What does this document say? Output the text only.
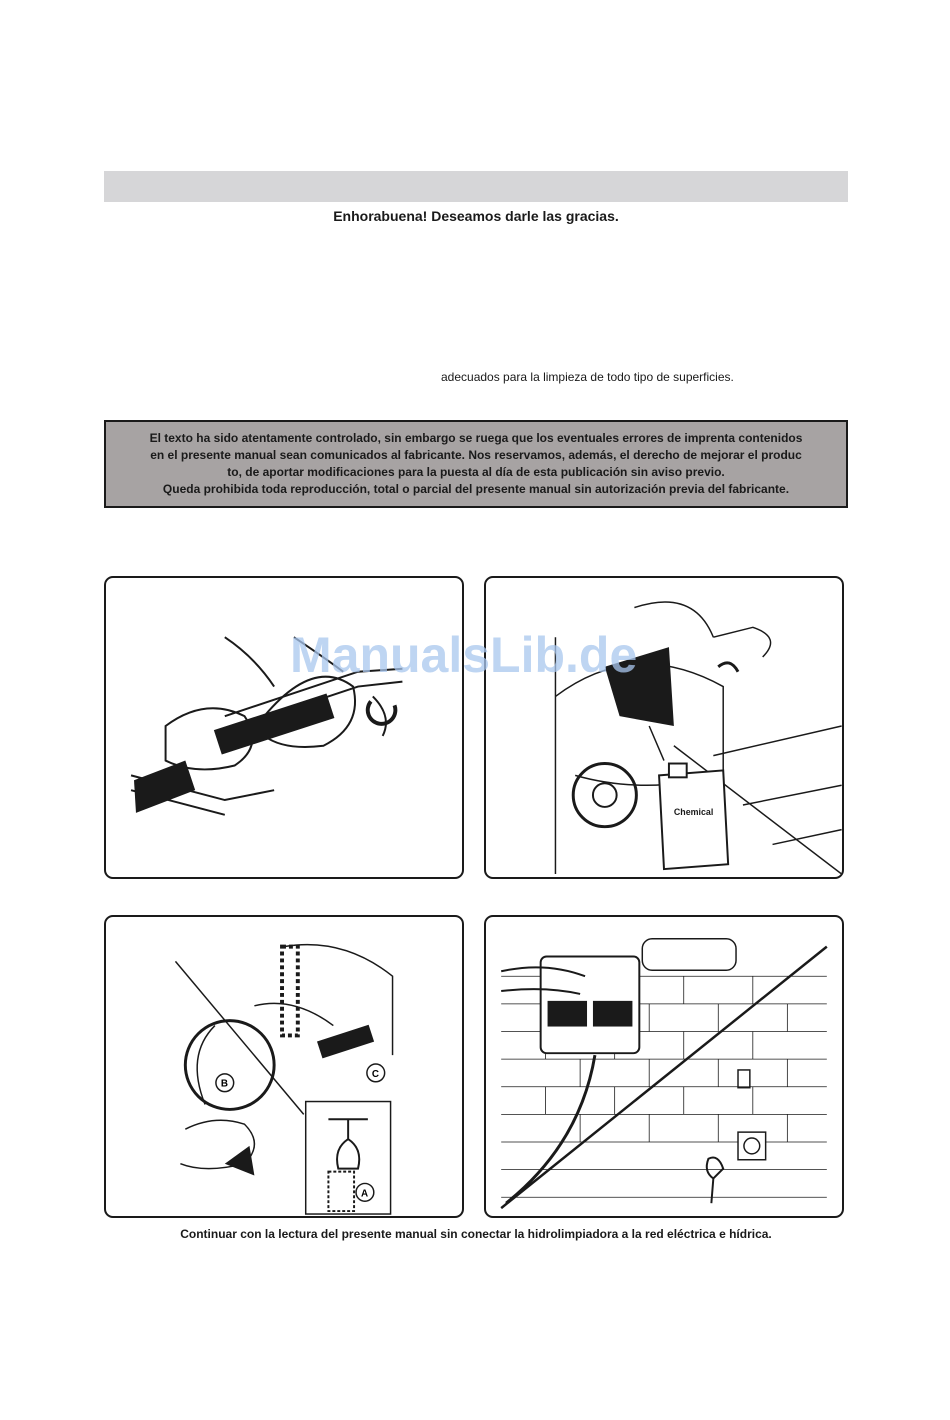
Enhorabuena! Deseamos darle las gracias.
adecuados para la limpieza de todo tipo de superficies.
El texto ha sido atentamente controlado, sin embargo se ruega que los eventuales errores de imprenta contenidos
en el presente manual sean comunicados al fabricante. Nos reservamos, además, el derecho de mejorar el produc
to, de aportar modificaciones para la puesta al día de esta publicación sin aviso previo.
Queda prohibida toda reproducción, total o parcial del presente manual sin autorización previa del fabricante.
Chemical
B
C
A
ManualsLib.de
Continuar con la lectura del presente manual sin conectar la hidrolimpiadora a la red eléctrica e hídrica.
